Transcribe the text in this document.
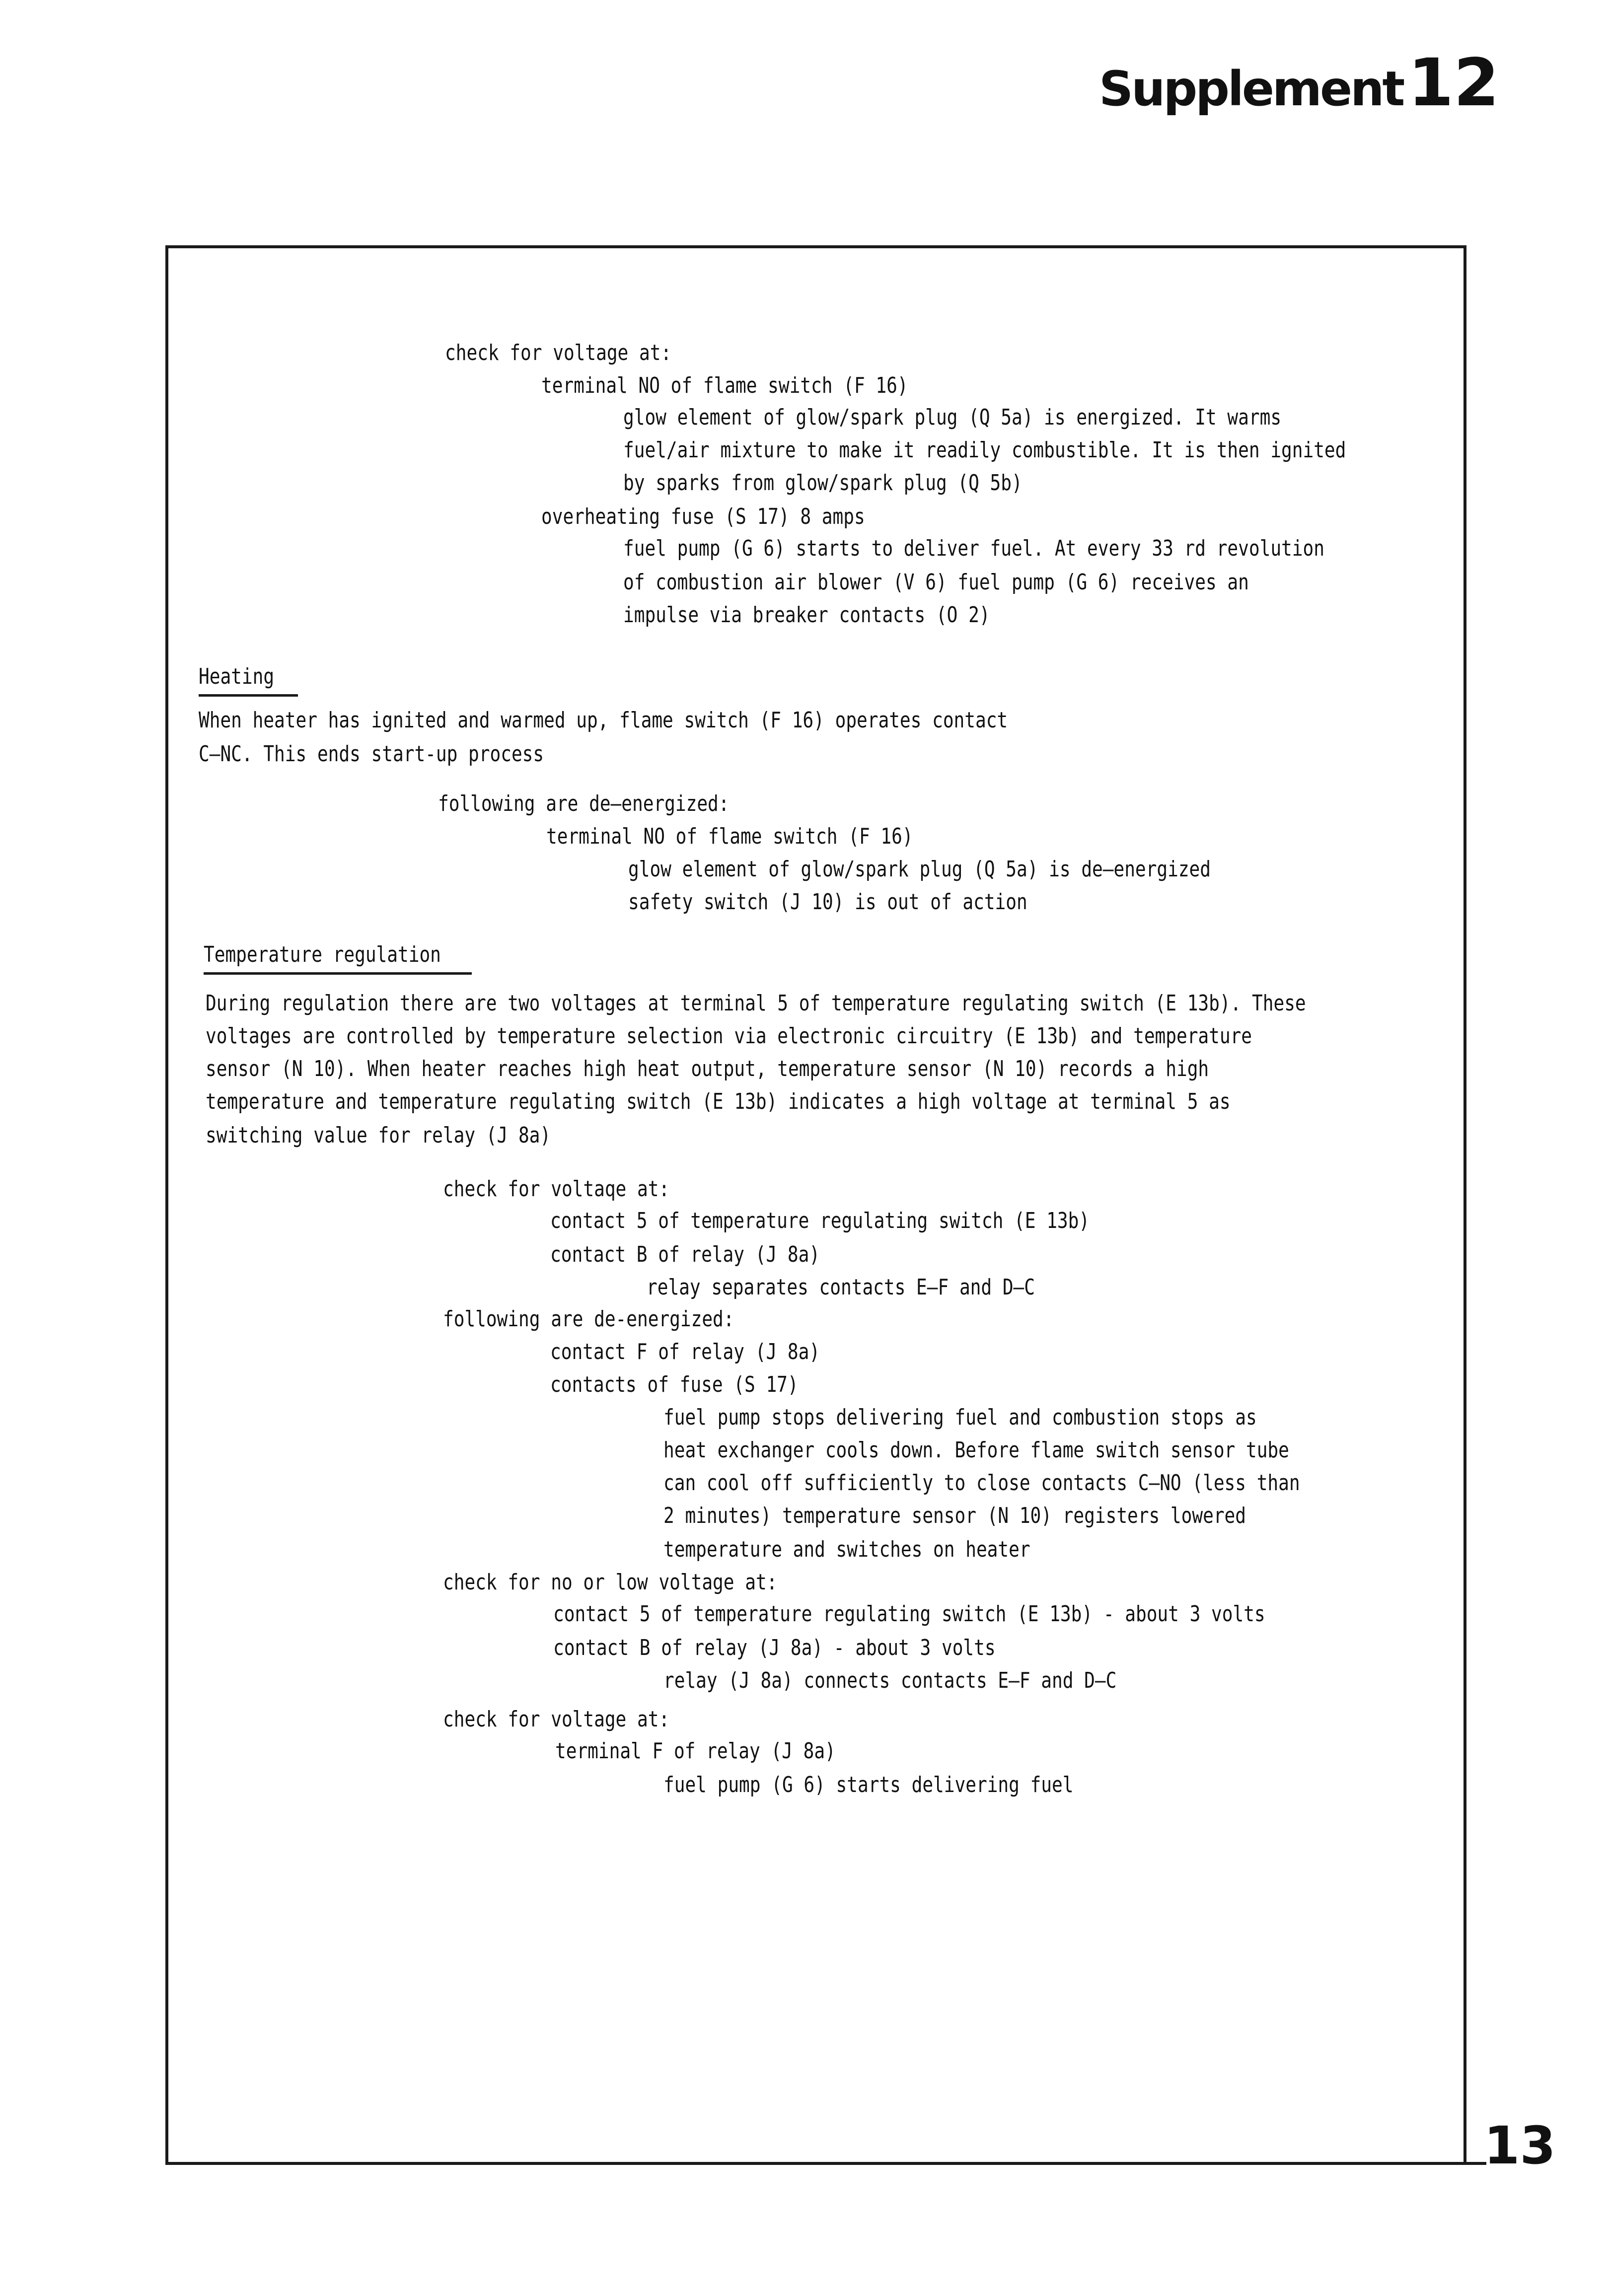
Supplement12
13
check for voltage at:
terminal NO of flame switch (F 16)
glow element of glow/spark plug (Q 5a) is energized. It warms
fuel/air mixture to make it readily combustible. It is then ignited
by sparks from glow/spark plug (Q 5b)
overheating fuse (S 17) 8 amps
fuel pump (G 6) starts to deliver fuel. At every 33 rd revolution
of combustion air blower (V 6) fuel pump (G 6) receives an
impulse via breaker contacts (O 2)
Heating
When heater has ignited and warmed up, flame switch (F 16) operates contact
C—NC. This ends start-up process
following are de—energized:
terminal NO of flame switch (F 16)
glow element of glow/spark plug (Q 5a) is de—energized
safety switch (J 10) is out of action
Temperature regulation
During regulation there are two voltages at terminal 5 of temperature regulating switch (E 13b). These
voltages are controlled by temperature selection via electronic circuitry (E 13b) and temperature
sensor (N 10). When heater reaches high heat output, temperature sensor (N 10) records a high
temperature and temperature regulating switch (E 13b) indicates a high voltage at terminal 5 as
switching value for relay (J 8a)
check for voltaqe at:
contact 5 of temperature regulating switch (E 13b)
contact B of relay (J 8a)
relay separates contacts E—F and D—C
following are de-energized:
contact F of relay (J 8a)
contacts of fuse (S 17)
fuel pump stops delivering fuel and combustion stops as
heat exchanger cools down. Before flame switch sensor tube
can cool off sufficiently to close contacts C—NO (less than
2 minutes) temperature sensor (N 10) registers lowered
temperature and switches on heater
check for no or low voltage at:
contact 5 of temperature regulating switch (E 13b) - about 3 volts
contact B of relay (J 8a) - about 3 volts
relay (J 8a) connects contacts E—F and D—C
check for voltage at:
terminal F of relay (J 8a)
fuel pump (G 6) starts delivering fuel
